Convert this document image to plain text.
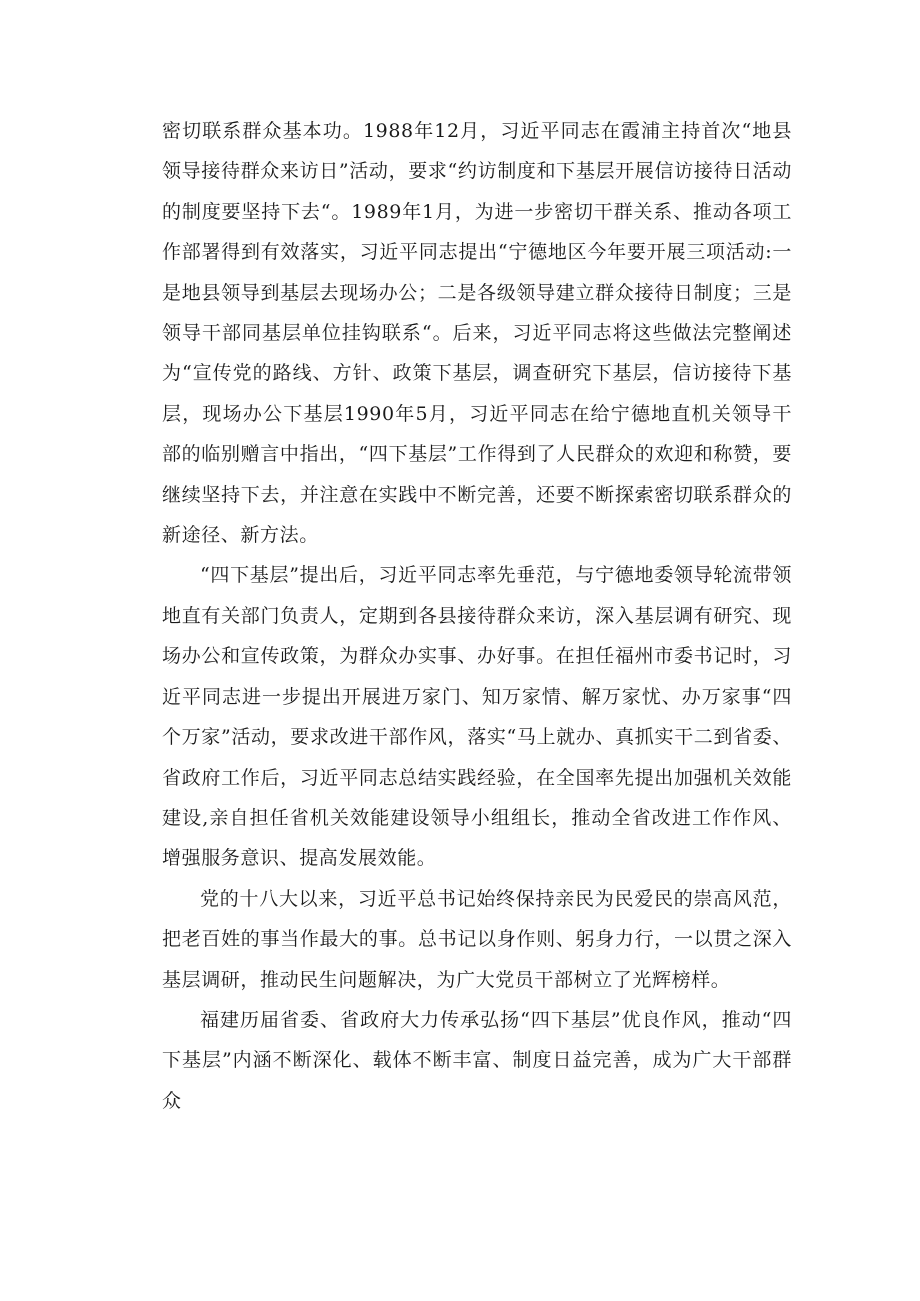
密切联系群众基本功。1988年12月，习近平同志在霞浦主持首次“地县领导接待群众来访日”活动，要求“约访制度和下基层开展信访接待日活动的制度要坚持下去“。1989年1月，为进一步密切干群关系、推动各项工作部署得到有效落实，习近平同志提出“宁德地区今年要开展三项活动:一是地县领导到基层去现场办公；二是各级领导建立群众接待日制度；三是领导干部同基层单位挂钩联系“。后来，习近平同志将这些做法完整阐述为“宣传党的路线、方针、政策下基层，调查研究下基层，信访接待下基层，现场办公下基层1990年5月，习近平同志在给宁德地直机关领导干部的临别赠言中指出，“四下基层”工作得到了人民群众的欢迎和称赞，要继续坚持下去，并注意在实践中不断完善，还要不断探索密切联系群众的新途径、新方法。

“四下基层”提出后，习近平同志率先垂范，与宁德地委领导轮流带领地直有关部门负责人，定期到各县接待群众来访，深入基层调有研究、现场办公和宣传政策，为群众办实事、办好事。在担任福州市委书记时，习近平同志进一步提出开展进万家门、知万家情、解万家忧、办万家事“四个万家”活动，要求改进干部作风，落实“马上就办、真抓实干二到省委、省政府工作后，习近平同志总结实践经验，在全国率先提出加强机关效能建设,亲自担任省机关效能建设领导小组组长，推动全省改进工作作风、增强服务意识、提高发展效能。

党的十八大以来，习近平总书记始终保持亲民为民爱民的崇高风范，把老百姓的事当作最大的事。总书记以身作则、躬身力行，一以贯之深入基层调研，推动民生问题解决，为广大党员干部树立了光辉榜样。

福建历届省委、省政府大力传承弘扬“四下基层”优良作风，推动“四下基层”内涵不断深化、载体不断丰富、制度日益完善，成为广大干部群众
